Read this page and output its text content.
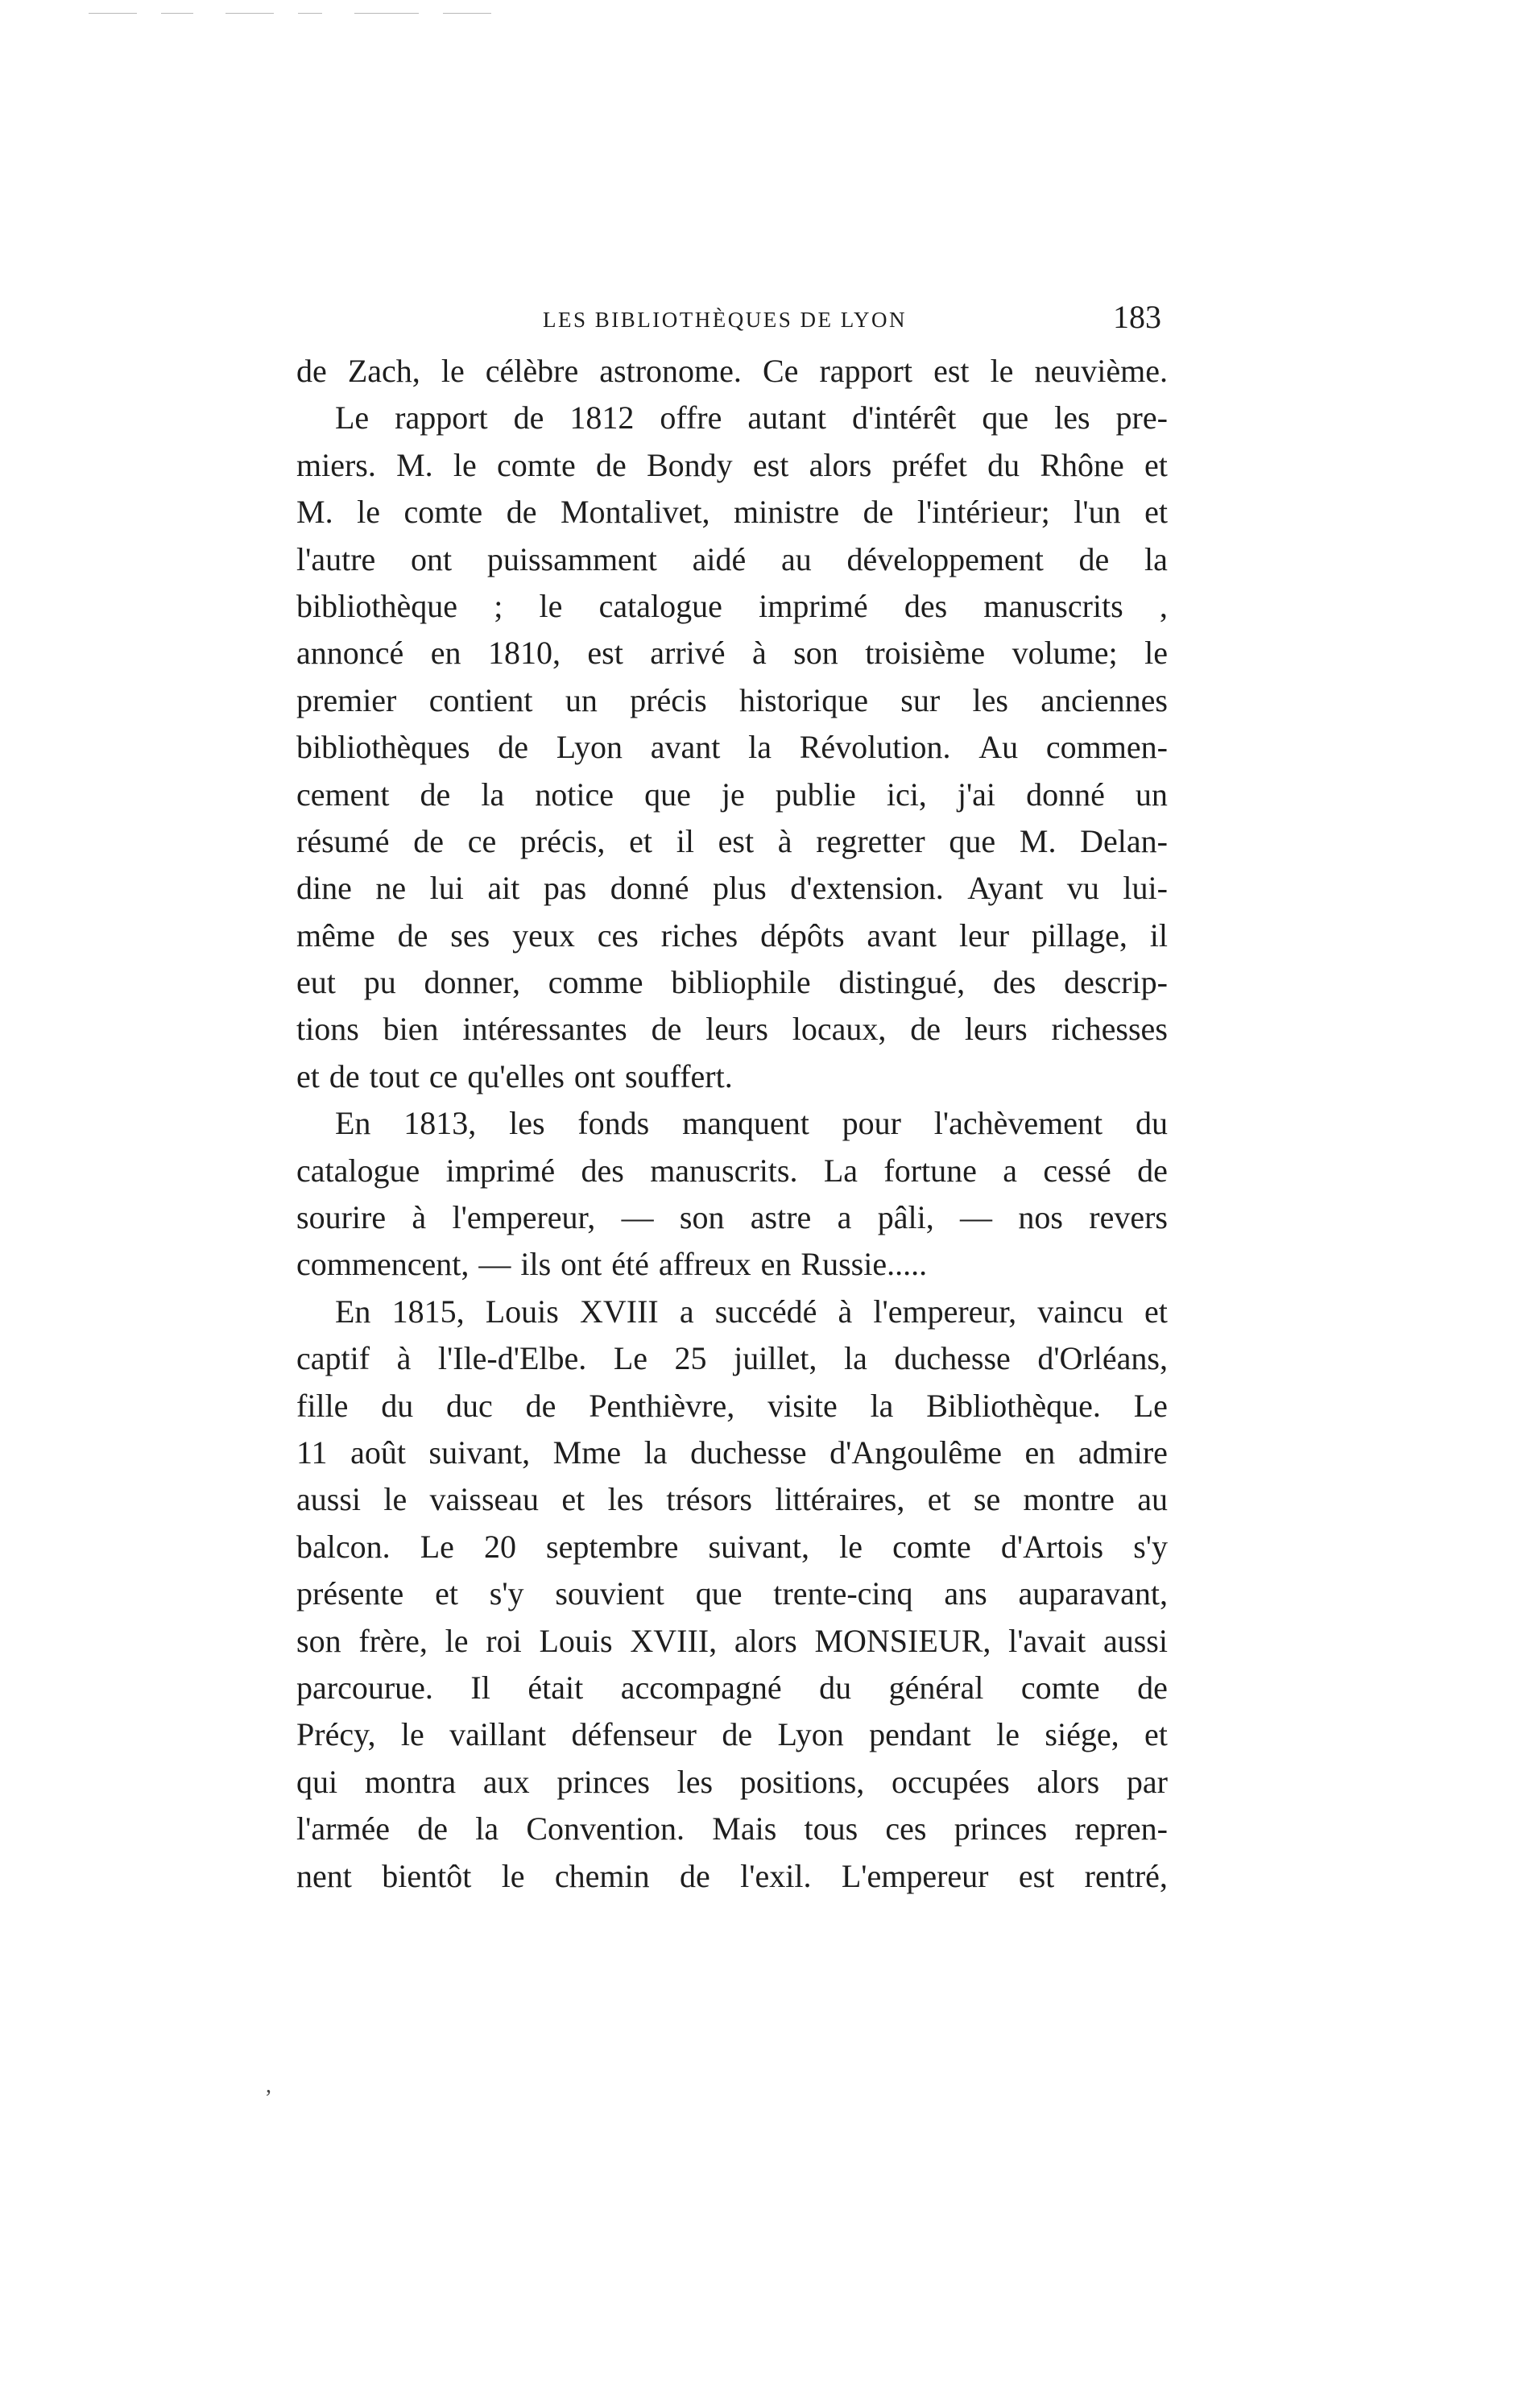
LES BIBLIOTHÈQUES DE LYON	183
de Zach, le célèbre astronome. Ce rapport est le neuvième.
Le rapport de 1812 offre autant d'intérêt que les pre-
miers. M. le comte de Bondy est alors préfet du Rhône et
M. le comte de Montalivet, ministre de l'intérieur; l'un et
l'autre ont puissamment aidé au développement de la
bibliothèque ; le catalogue imprimé des manuscrits ,
annoncé en 1810, est arrivé à son troisième volume; le
premier contient un précis historique sur les anciennes
bibliothèques de Lyon avant la Révolution. Au commen-
cement de la notice que je publie ici, j'ai donné un
résumé de ce précis, et il est à regretter que M. Delan-
dine ne lui ait pas donné plus d'extension. Ayant vu lui-
même de ses yeux ces riches dépôts avant leur pillage, il
eut pu donner, comme bibliophile distingué, des descrip-
tions bien intéressantes de leurs locaux, de leurs richesses
et de tout ce qu'elles ont souffert.
En 1813, les fonds manquent pour l'achèvement du
catalogue imprimé des manuscrits. La fortune a cessé de
sourire à l'empereur, — son astre a pâli, — nos revers
commencent, — ils ont été affreux en Russie.....
En 1815, Louis XVIII a succédé à l'empereur, vaincu et
captif à l'Ile-d'Elbe. Le 25 juillet, la duchesse d'Orléans,
fille du duc de Penthièvre, visite la Bibliothèque. Le
11 août suivant, Mme la duchesse d'Angoulême en admire
aussi le vaisseau et les trésors littéraires, et se montre au
balcon. Le 20 septembre suivant, le comte d'Artois s'y
présente et s'y souvient que trente-cinq ans auparavant,
son frère, le roi Louis XVIII, alors MONSIEUR, l'avait aussi
parcourue. Il était accompagné du général comte de
Précy, le vaillant défenseur de Lyon pendant le siége, et
qui montra aux princes les positions, occupées alors par
l'armée de la Convention. Mais tous ces princes repren-
nent bientôt le chemin de l'exil. L'empereur est rentré,
,
